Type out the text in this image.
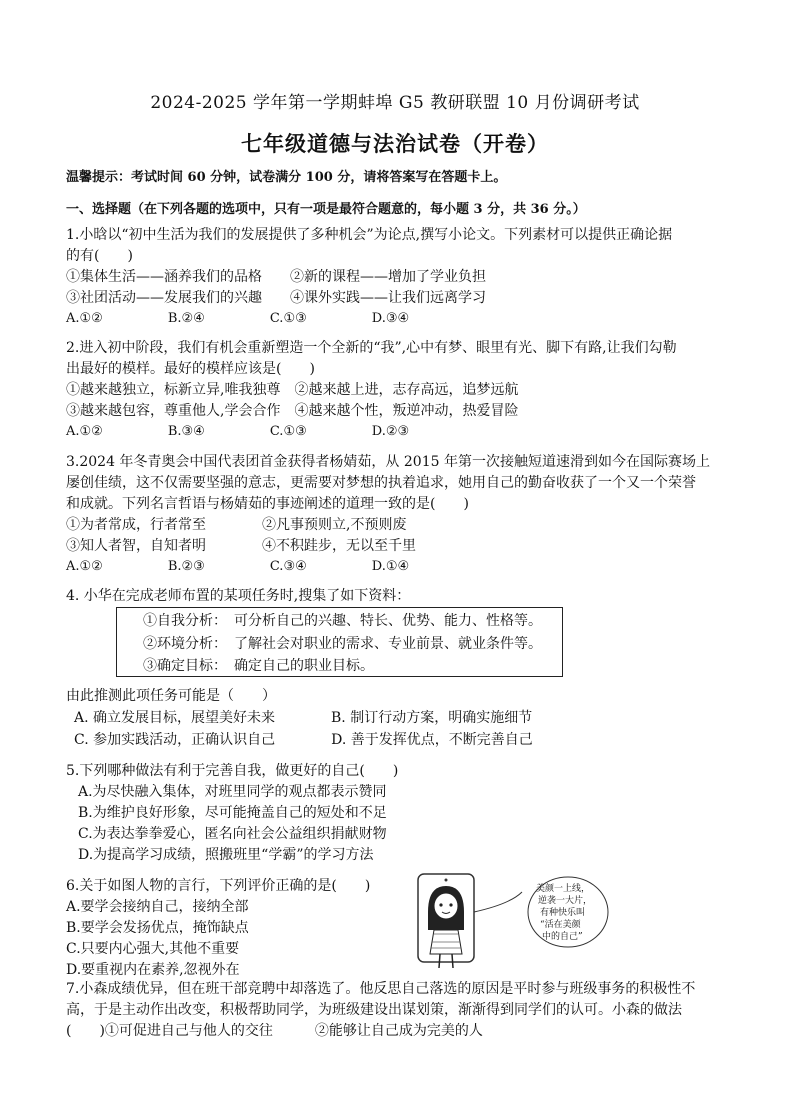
2024-2025 学年第一学期蚌埠 G5 教研联盟 10 月份调研考试
七年级道德与法治试卷（开卷）
温馨提示：考试时间 60 分钟，试卷满分 100 分，请将答案写在答题卡上。
一、选择题（在下列各题的选项中，只有一项是最符合题意的，每小题 3 分，共 36 分。）
1.小晗以“初中生活为我们的发展提供了多种机会”为论点,撰写小论文。下列素材可以提供正确论据
的有(　　)
①集体生活——涵养我们的品格　　②新的课程——增加了学业负担
③社团活动——发展我们的兴趣　　④课外实践——让我们远离学习
A.①②　　　　　B.②④　　　　　C.①③　　　　　D.③④
2.进入初中阶段，我们有机会重新塑造一个全新的“我”,心中有梦、眼里有光、脚下有路,让我们勾勒
出最好的模样。最好的模样应该是(　　)
①越来越独立，标新立异,唯我独尊　②越来越上进，志存高远，追梦远航
③越来越包容，尊重他人,学会合作　④越来越个性，叛逆冲动，热爱冒险
A.①②　　　　　B.③④　　　　　C.①③　　　　　D.②③
3.2024 年冬青奥会中国代表团首金获得者杨婧茹，从 2015 年第一次接触短道速滑到如今在国际赛场上
屡创佳绩，这不仅需要坚强的意志，更需要对梦想的执着追求，她用自己的勤奋收获了一个又一个荣誉
和成就。下列名言哲语与杨婧茹的事迹阐述的道理一致的是(　　)
①为者常成，行者常至　　　　②凡事预则立,不预则废
③知人者智，自知者明　　　　④不积跬步，无以至千里
A.①②　　　　　B.②③　　　　　C.③④　　　　　D.①④
4. 小华在完成老师布置的某项任务时,搜集了如下资料：
①自我分析：　可分析自己的兴趣、特长、优势、能力、性格等。
②环境分析：　了解社会对职业的需求、专业前景、就业条件等。
③确定目标：　确定自己的职业目标。
由此推测此项任务可能是（　　）
A. 确立发展目标，展望美好未来　　　　B. 制订行动方案，明确实施细节
C. 参加实践活动，正确认识自己　　　　D. 善于发挥优点，不断完善自己
5.下列哪种做法有利于完善自我，做更好的自己(　　)
A.为尽快融入集体，对班里同学的观点都表示赞同
B.为维护良好形象，尽可能掩盖自己的短处和不足
C.为表达拳拳爱心，匿名向社会公益组织捐献财物
D.为提高学习成绩，照搬班里“学霸”的学习方法
6.关于如图人物的言行，下列评价正确的是(　　)
A.要学会接纳自己，接纳全部
B.要学会发扬优点，掩饰缺点
C.只要内心强大,其他不重要
D.要重视内在素养,忽视外在
美颜一上线，
逆袭一大片，
有种快乐叫
“活在美颜
中的自己”
7.小森成绩优异，但在班干部竞聘中却落选了。他反思自己落选的原因是平时参与班级事务的积极性不
高，于是主动作出改变，积极帮助同学，为班级建设出谋划策，渐渐得到同学们的认可。小森的做法
(　　)①可促进自己与他人的交往　　　②能够让自己成为完美的人
